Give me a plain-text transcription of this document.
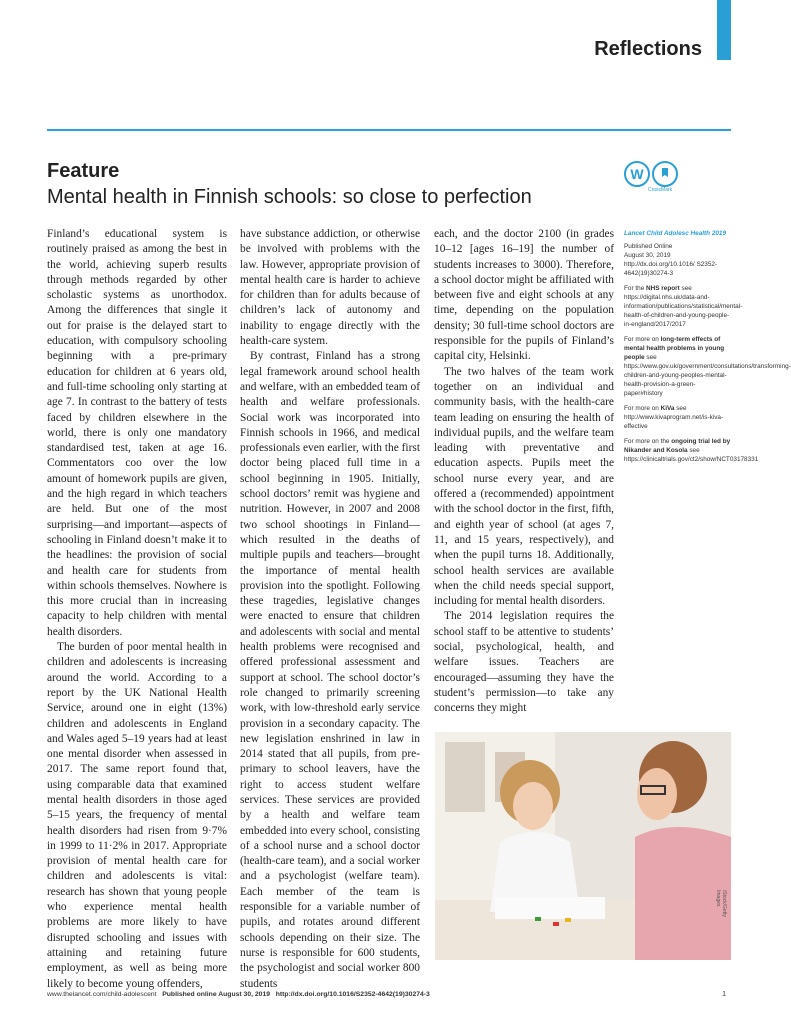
Reflections
Feature
Mental health in Finnish schools: so close to perfection
W
CrossMark

Finland’s educational system is routinely praised as among the best in the world, achieving superb results through methods regarded by other scholastic systems as unorthodox. Among the differences that single it out for praise is the delayed start to education, with compulsory schooling beginning with a pre-primary education for children at 6 years old, and full-time schooling only starting at age 7. In contrast to the battery of tests faced by children elsewhere in the world, there is only one mandatory standardised test, taken at age 16. Commentators coo over the low amount of homework pupils are given, and the high regard in which teachers are held. But one of the most surprising—and important—aspects of schooling in Finland doesn’t make it to the headlines: the provision of social and health care for students from within schools themselves. Nowhere is this more crucial than in increasing capacity to help children with mental health disorders.

The burden of poor mental health in children and adolescents is increasing around the world. According to a report by the UK National Health Service, around one in eight (13%) children and adolescents in England and Wales aged 5–19 years had at least one mental disorder when assessed in 2017. The same report found that, using comparable data that examined mental health disorders in those aged 5–15 years, the frequency of mental health disorders had risen from 9·7% in 1999 to 11·2% in 2017. Appropriate provision of mental health care for children and adolescents is vital: research has shown that young people who experience mental health problems are more likely to have disrupted schooling and issues with attaining and retaining future employment, as well as being more likely to become young offenders,

have substance addiction, or otherwise be involved with problems with the law. However, appropriate provision of mental health care is harder to achieve for children than for adults because of children’s lack of autonomy and inability to engage directly with the health-care system.

By contrast, Finland has a strong legal framework around school health and welfare, with an embedded team of health and welfare professionals. Social work was incorporated into Finnish schools in 1966, and medical professionals even earlier, with the first doctor being placed full time in a school beginning in 1905. Initially, school doctors’ remit was hygiene and nutrition. However, in 2007 and 2008 two school shootings in Finland—which resulted in the deaths of multiple pupils and teachers—brought the importance of mental health provision into the spotlight. Following these tragedies, legislative changes were enacted to ensure that children and adolescents with social and mental health problems were recognised and offered professional assessment and support at school. The school doctor’s role changed to primarily screening work, with low-threshold early service provision in a secondary capacity. The new legislation enshrined in law in 2014 stated that all pupils, from pre-primary to school leavers, have the right to access student welfare services. These services are provided by a health and welfare team embedded into every school, consisting of a school nurse and a school doctor (health-care team), and a social worker and a psychologist (welfare team). Each member of the team is responsible for a variable number of pupils, and rotates around different schools depending on their size. The nurse is responsible for 600 students, the psychologist and social worker 800 students

each, and the doctor 2100 (in grades 10–12 [ages 16–19] the number of students increases to 3000). Therefore, a school doctor might be affiliated with between five and eight schools at any time, depending on the population density; 30 full-time school doctors are responsible for the pupils of Finland’s capital city, Helsinki.

The two halves of the team work together on an individual and community basis, with the health-care team leading on ensuring the health of individual pupils, and the welfare team leading with preventative and education aspects. Pupils meet the school nurse every year, and are offered a (recommended) appointment with the school doctor in the first, fifth, and eighth year of school (at ages 7, 11, and 15 years, respectively), and when the pupil turns 18. Additionally, school health services are available when the child needs special support, including for mental health disorders.

The 2014 legislation requires the school staff to be attentive to students’ social, psychological, health, and welfare issues. Teachers are encouraged—assuming they have the student’s permission—to take any concerns they might

Lancet Child Adolesc Health 2019
Published Online
August 30, 2019
http://dx.doi.org/10.1016/ S2352-4642(19)30274-3
For the NHS report see https://digital.nhs.uk/data-and-information/publications/statistical/mental-health-of-children-and-young-people-in-england/2017/2017
For more on long-term effects of mental health problems in young people see https://www.gov.uk/government/consultations/transforming-children-and-young-peoples-mental-health-provision-a-green-paper#history
For more on KiVa see http://www.kivaprogram.net/is-kiva-effective
For more on the ongoing trial led by Nikander and Kosola see https://clinicaltrials.gov/ct2/show/NCT03178331
iStock/Getty Images
www.thelancet.com/child-adolescent Published online August 30, 2019 http://dx.doi.org/10.1016/S2352-4642(19)30274-3	1
